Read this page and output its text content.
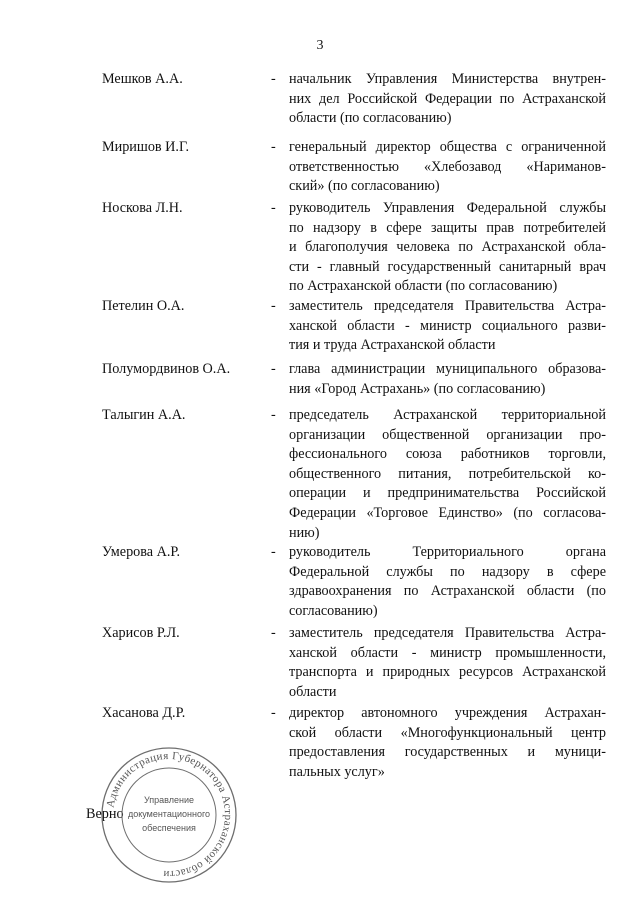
3
Мешков А.А.	- начальник Управления Министерства внутрен-
них дел Российской Федерации по Астраханской
области (по согласованию)
Миришов И.Г.	- генеральный директор общества с ограниченной
ответственностью «Хлебозавод «Нариманов-
ский» (по согласованию)
Носкова Л.Н.	- руководитель Управления Федеральной службы
по надзору в сфере защиты прав потребителей
и благополучия человека по Астраханской обла-
сти - главный государственный санитарный врач
по Астраханской области (по согласованию)
Петелин О.А.	- заместитель председателя Правительства Астра-
ханской области - министр социального разви-
тия и труда Астраханской области
Полумордвинов О.А.	- глава администрации муниципального образова-
ния «Город Астрахань» (по согласованию)
Талыгин А.А.	- председатель Астраханской территориальной
организации общественной организации про-
фессионального союза работников торговли,
общественного питания, потребительской ко-
операции и предпринимательства Российской
Федерации «Торговое Единство» (по согласова-
нию)
Умерова А.Р.	- руководитель Территориального органа
Федеральной службы по надзору в сфере
здравоохранения по Астраханской области (по
согласованию)
Харисов Р.Л.	- заместитель председателя Правительства Астра-
ханской области - министр промышленности,
транспорта и природных ресурсов Астраханской
области
Хасанова Д.Р.	- директор автономного учреждения Астрахан-
ской области «Многофункциональный центр
предоставления государственных и муници-
пальных услуг»
Верно
Администрация Губернатора Астраханской области
Управление
документационного
обеспечения
